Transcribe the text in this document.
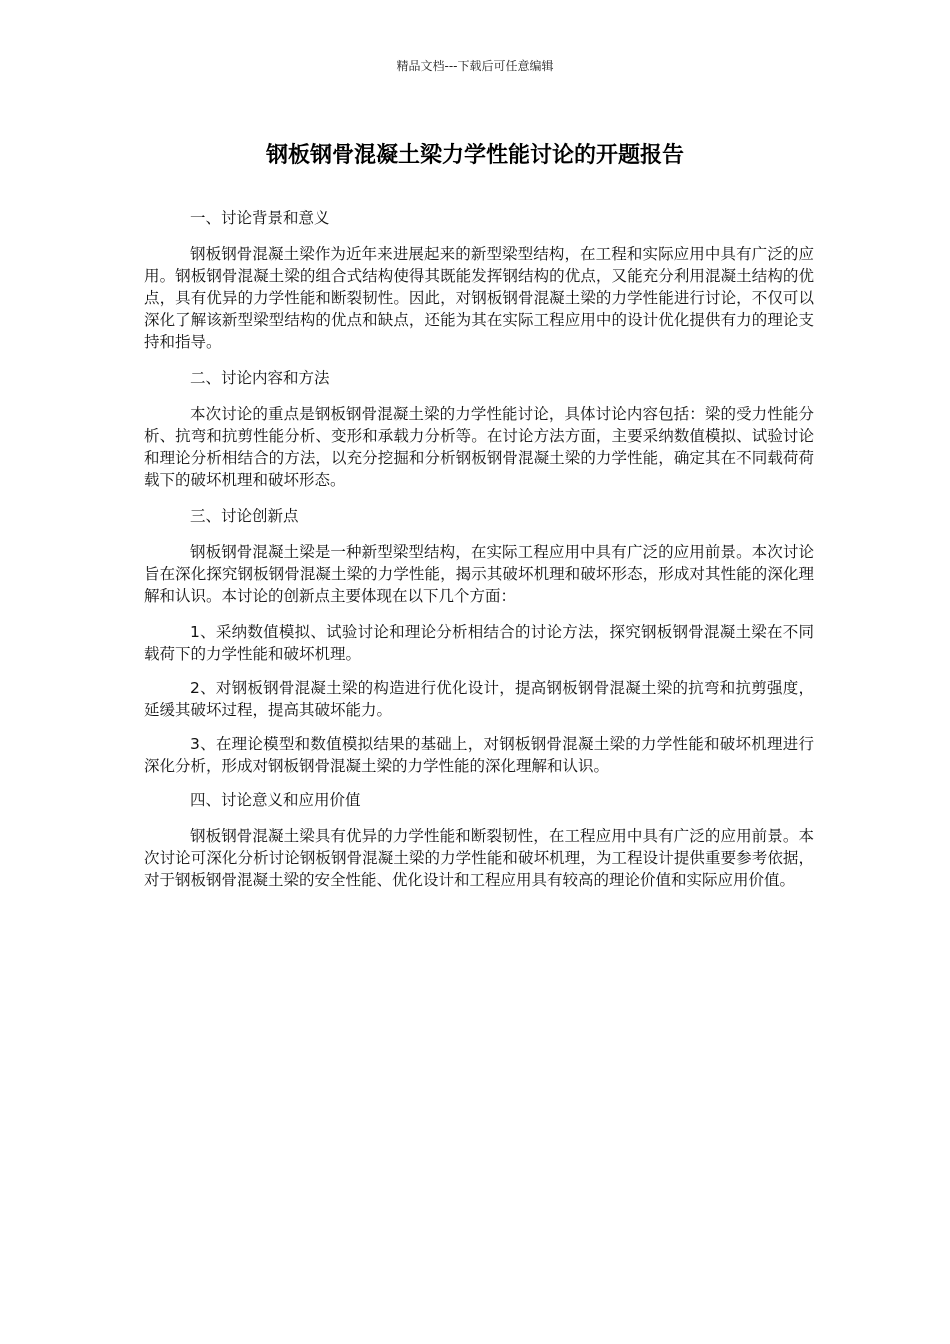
精品文档---下载后可任意编辑
钢板钢骨混凝土梁力学性能讨论的开题报告

一、讨论背景和意义

钢板钢骨混凝土梁作为近年来进展起来的新型梁型结构，在工程和实际应用中具有广泛的应用。钢板钢骨混凝土梁的组合式结构使得其既能发挥钢结构的优点，又能充分利用混凝土结构的优点，具有优异的力学性能和断裂韧性。因此，对钢板钢骨混凝土梁的力学性能进行讨论，不仅可以深化了解该新型梁型结构的优点和缺点，还能为其在实际工程应用中的设计优化提供有力的理论支持和指导。

二、讨论内容和方法

本次讨论的重点是钢板钢骨混凝土梁的力学性能讨论，具体讨论内容包括：梁的受力性能分析、抗弯和抗剪性能分析、变形和承载力分析等。在讨论方法方面，主要采纳数值模拟、试验讨论和理论分析相结合的方法，以充分挖掘和分析钢板钢骨混凝土梁的力学性能，确定其在不同载荷荷载下的破坏机理和破坏形态。

三、讨论创新点

钢板钢骨混凝土梁是一种新型梁型结构，在实际工程应用中具有广泛的应用前景。本次讨论旨在深化探究钢板钢骨混凝土梁的力学性能，揭示其破坏机理和破坏形态，形成对其性能的深化理解和认识。本讨论的创新点主要体现在以下几个方面：

1、采纳数值模拟、试验讨论和理论分析相结合的讨论方法，探究钢板钢骨混凝土梁在不同载荷下的力学性能和破坏机理。

2、对钢板钢骨混凝土梁的构造进行优化设计，提高钢板钢骨混凝土梁的抗弯和抗剪强度，延缓其破坏过程，提高其破坏能力。

3、在理论模型和数值模拟结果的基础上，对钢板钢骨混凝土梁的力学性能和破坏机理进行深化分析，形成对钢板钢骨混凝土梁的力学性能的深化理解和认识。

四、讨论意义和应用价值

钢板钢骨混凝土梁具有优异的力学性能和断裂韧性，在工程应用中具有广泛的应用前景。本次讨论可深化分析讨论钢板钢骨混凝土梁的力学性能和破坏机理，为工程设计提供重要参考依据，对于钢板钢骨混凝土梁的安全性能、优化设计和工程应用具有较高的理论价值和实际应用价值。
